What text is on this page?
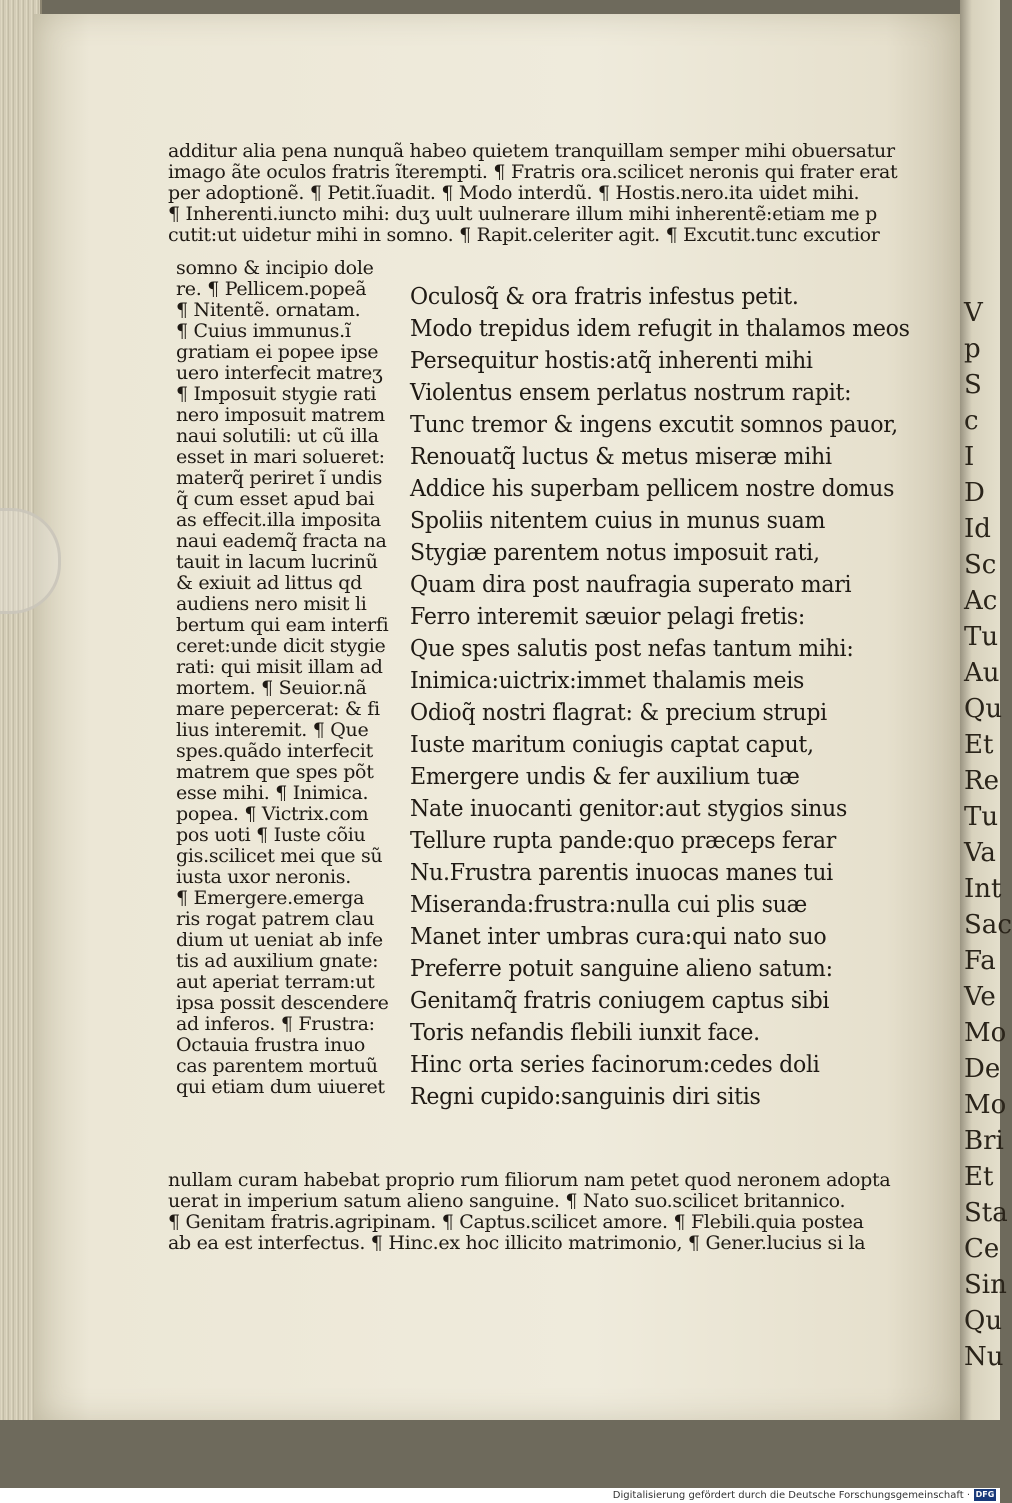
V
p
S
c
I
D
Id
Sc
Ac
Tu
Au
Qu
Et
Re
Tu
Va
Int
Sac
Fa
Ve
Mo
De
Mo
Bri
Et
Sta
Ce
Sin
Qu
Nu
additur alia pena nunquã habeo quietem tranquillam semper mihi obuersatur
imago ãte oculos fratris ĩterempti. ¶ Fratris ora.scilicet neronis qui frater erat
per adoptionẽ. ¶ Petit.ĩuadit. ¶ Modo interdũ. ¶ Hostis.nero.ita uidet mihi.
¶ Inherenti.iuncto mihi: duʒ uult uulnerare illum mihi inherentẽ:etiam me p
cutit:ut uidetur mihi in somno. ¶ Rapit.celeriter agit. ¶ Excutit.tunc excutior
somno & incipio dole
re. ¶ Pellicem.popeã
¶ Nitentẽ. ornatam.
¶ Cuius immunus.ĩ
gratiam ei popee ipse
uero interfecit matreʒ
¶ Imposuit stygie rati
nero imposuit matrem
naui solutili: ut cũ illa
esset in mari solueret:
materq̃ periret ĩ undis
q̃ cum esset apud bai
as effecit.illa imposita
naui eademq̃ fracta na
tauit in lacum lucrinũ
& exiuit ad littus qd
audiens nero misit li
bertum qui eam interfi
ceret:unde dicit stygie
rati: qui misit illam ad
mortem. ¶ Seuior.nã
mare pepercerat: & fi
lius interemit. ¶ Que
spes.quãdo interfecit
matrem que spes põt
esse mihi. ¶ Inimica.
popea. ¶ Victrix.com
pos uoti ¶ Iuste cõiu
gis.scilicet mei que sũ
iusta uxor neronis.
¶ Emergere.emerga
ris rogat patrem clau
dium ut ueniat ab infe
tis ad auxilium gnate:
aut aperiat terram:ut
ipsa possit descendere
ad inferos. ¶ Frustra:
Octauia frustra inuo
cas parentem mortuũ
qui etiam dum uiueret
Oculosq̃ & ora fratris infestus petit.
Modo trepidus idem refugit in thalamos meos
Persequitur hostis:atq̃ inherenti mihi
Violentus ensem perlatus nostrum rapit:
Tunc tremor & ingens excutit somnos pauor,
Renouatq̃ luctus & metus miseræ mihi
Addice his superbam pellicem nostre domus
Spoliis nitentem cuius in munus suam
Stygiæ parentem notus imposuit rati,
Quam dira post naufragia superato mari
Ferro interemit sæuior pelagi fretis:
Que spes salutis post nefas tantum mihi:
Inimica:uictrix:immet thalamis meis
Odioq̃ nostri flagrat: & precium strupi
Iuste maritum coniugis captat caput,
Emergere undis & fer auxilium tuæ
Nate inuocanti genitor:aut stygios sinus
Tellure rupta pande:quo præceps ferar
Nu.Frustra parentis inuocas manes tui
Miseranda:frustra:nulla cui plis suæ
Manet inter umbras cura:qui nato suo
Preferre potuit sanguine alieno satum:
Genitamq̃ fratris coniugem captus sibi
Toris nefandis flebili iunxit face.
Hinc orta series facinorum:cedes doli
Regni cupido:sanguinis diri sitis
nullam curam habebat proprio rum filiorum nam petet quod neronem adopta
uerat in imperium satum alieno sanguine. ¶ Nato suo.scilicet britannico.
¶ Genitam fratris.agripinam. ¶ Captus.scilicet amore. ¶ Flebili.quia postea
ab ea est interfectus. ¶ Hinc.ex hoc illicito matrimonio, ¶ Gener.lucius si la
Digitalisierung gefördert durch die Deutsche Forschungsgemeinschaft · DFG
